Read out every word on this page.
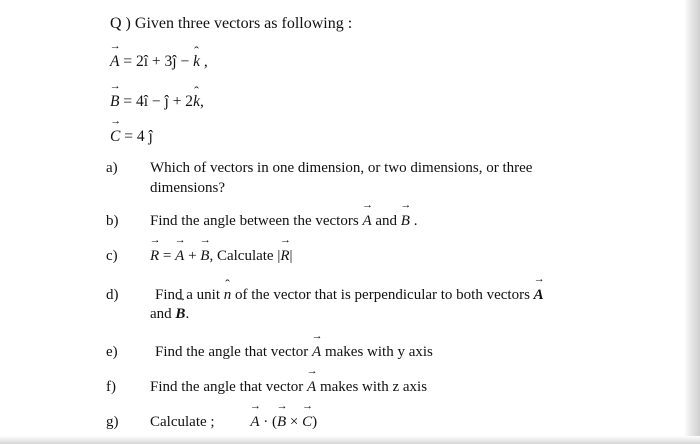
Q ) Given three vectors as following :
→ A = 2î + 3ĵ − ˆ k ,
→ B = 4î − ĵ + 2ˆ k,
→ C = 4 ĵ
a) Which of vectors in one dimension, or two dimensions, or three dimensions?
b) Find the angle between the vectors → A and → B .
c) → R = → A + → B, Calculate |→ R|
d) Find a unit ˆ n of the vector that is perpendicular to both vectors → A
and → B.
e) Find the angle that vector → A makes with y axis
f) Find the angle that vector → A makes with z axis
g) Calculate ; → A · (→ B × → C)
